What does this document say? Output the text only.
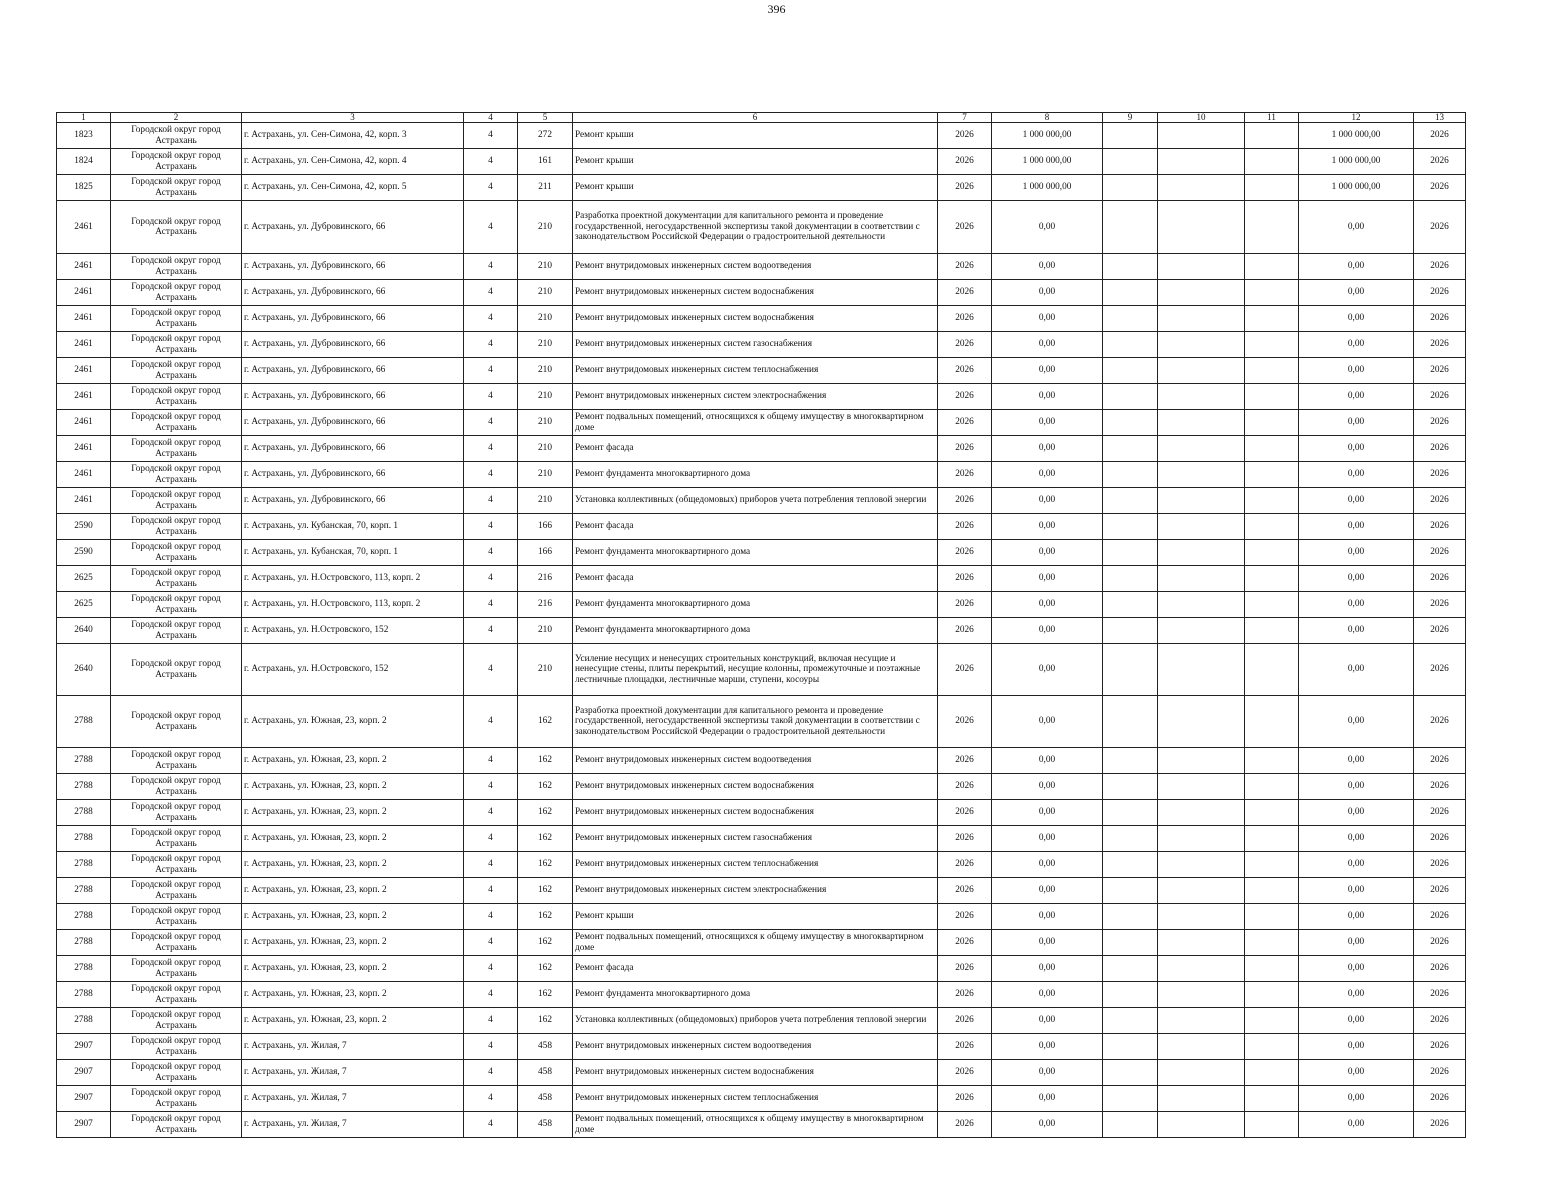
396
1	2	3	4	5	6	7	8	9	10	11	12	13
1823	Городской округ город Астрахань	г. Астрахань, ул. Сен-Симона, 42, корп. 3	4	272	Ремонт крыши	2026	1 000 000,00				1 000 000,00	2026
1824	Городской округ город Астрахань	г. Астрахань, ул. Сен-Симона, 42, корп. 4	4	161	Ремонт крыши	2026	1 000 000,00				1 000 000,00	2026
1825	Городской округ город Астрахань	г. Астрахань, ул. Сен-Симона, 42, корп. 5	4	211	Ремонт крыши	2026	1 000 000,00				1 000 000,00	2026
2461	Городской округ город Астрахань	г. Астрахань, ул. Дубровинского, 66	4	210	Разработка проектной документации для капитального ремонта и проведение государственной, негосударственной экспертизы такой документации в соответствии с законодательством Российской Федерации о градостроительной деятельности	2026	0,00				0,00	2026
2461	Городской округ город Астрахань	г. Астрахань, ул. Дубровинского, 66	4	210	Ремонт внутридомовых инженерных систем водоотведения	2026	0,00				0,00	2026
2461	Городской округ город Астрахань	г. Астрахань, ул. Дубровинского, 66	4	210	Ремонт внутридомовых инженерных систем водоснабжения	2026	0,00				0,00	2026
2461	Городской округ город Астрахань	г. Астрахань, ул. Дубровинского, 66	4	210	Ремонт внутридомовых инженерных систем водоснабжения	2026	0,00				0,00	2026
2461	Городской округ город Астрахань	г. Астрахань, ул. Дубровинского, 66	4	210	Ремонт внутридомовых инженерных систем газоснабжения	2026	0,00				0,00	2026
2461	Городской округ город Астрахань	г. Астрахань, ул. Дубровинского, 66	4	210	Ремонт внутридомовых инженерных систем теплоснабжения	2026	0,00				0,00	2026
2461	Городской округ город Астрахань	г. Астрахань, ул. Дубровинского, 66	4	210	Ремонт внутридомовых инженерных систем электроснабжения	2026	0,00				0,00	2026
2461	Городской округ город Астрахань	г. Астрахань, ул. Дубровинского, 66	4	210	Ремонт подвальных помещений, относящихся к общему имуществу в многоквартирном доме	2026	0,00				0,00	2026
2461	Городской округ город Астрахань	г. Астрахань, ул. Дубровинского, 66	4	210	Ремонт фасада	2026	0,00				0,00	2026
2461	Городской округ город Астрахань	г. Астрахань, ул. Дубровинского, 66	4	210	Ремонт фундамента многоквартирного дома	2026	0,00				0,00	2026
2461	Городской округ город Астрахань	г. Астрахань, ул. Дубровинского, 66	4	210	Установка коллективных (общедомовых) приборов учета потребления тепловой энергии	2026	0,00				0,00	2026
2590	Городской округ город Астрахань	г. Астрахань, ул. Кубанская, 70, корп. 1	4	166	Ремонт фасада	2026	0,00				0,00	2026
2590	Городской округ город Астрахань	г. Астрахань, ул. Кубанская, 70, корп. 1	4	166	Ремонт фундамента многоквартирного дома	2026	0,00				0,00	2026
2625	Городской округ город Астрахань	г. Астрахань, ул. Н.Островского, 113, корп. 2	4	216	Ремонт фасада	2026	0,00				0,00	2026
2625	Городской округ город Астрахань	г. Астрахань, ул. Н.Островского, 113, корп. 2	4	216	Ремонт фундамента многоквартирного дома	2026	0,00				0,00	2026
2640	Городской округ город Астрахань	г. Астрахань, ул. Н.Островского, 152	4	210	Ремонт фундамента многоквартирного дома	2026	0,00				0,00	2026
2640	Городской округ город Астрахань	г. Астрахань, ул. Н.Островского, 152	4	210	Усиление несущих и ненесущих строительных конструкций, включая несущие и ненесущие стены, плиты перекрытий, несущие колонны, промежуточные и поэтажные лестничные площадки, лестничные марши, ступени, косоуры	2026	0,00				0,00	2026
2788	Городской округ город Астрахань	г. Астрахань, ул. Южная, 23, корп. 2	4	162	Разработка проектной документации для капитального ремонта и проведение государственной, негосударственной экспертизы такой документации в соответствии с законодательством Российской Федерации о градостроительной деятельности	2026	0,00				0,00	2026
2788	Городской округ город Астрахань	г. Астрахань, ул. Южная, 23, корп. 2	4	162	Ремонт внутридомовых инженерных систем водоотведения	2026	0,00				0,00	2026
2788	Городской округ город Астрахань	г. Астрахань, ул. Южная, 23, корп. 2	4	162	Ремонт внутридомовых инженерных систем водоснабжения	2026	0,00				0,00	2026
2788	Городской округ город Астрахань	г. Астрахань, ул. Южная, 23, корп. 2	4	162	Ремонт внутридомовых инженерных систем водоснабжения	2026	0,00				0,00	2026
2788	Городской округ город Астрахань	г. Астрахань, ул. Южная, 23, корп. 2	4	162	Ремонт внутридомовых инженерных систем газоснабжения	2026	0,00				0,00	2026
2788	Городской округ город Астрахань	г. Астрахань, ул. Южная, 23, корп. 2	4	162	Ремонт внутридомовых инженерных систем теплоснабжения	2026	0,00				0,00	2026
2788	Городской округ город Астрахань	г. Астрахань, ул. Южная, 23, корп. 2	4	162	Ремонт внутридомовых инженерных систем электроснабжения	2026	0,00				0,00	2026
2788	Городской округ город Астрахань	г. Астрахань, ул. Южная, 23, корп. 2	4	162	Ремонт крыши	2026	0,00				0,00	2026
2788	Городской округ город Астрахань	г. Астрахань, ул. Южная, 23, корп. 2	4	162	Ремонт подвальных помещений, относящихся к общему имуществу в многоквартирном доме	2026	0,00				0,00	2026
2788	Городской округ город Астрахань	г. Астрахань, ул. Южная, 23, корп. 2	4	162	Ремонт фасада	2026	0,00				0,00	2026
2788	Городской округ город Астрахань	г. Астрахань, ул. Южная, 23, корп. 2	4	162	Ремонт фундамента многоквартирного дома	2026	0,00				0,00	2026
2788	Городской округ город Астрахань	г. Астрахань, ул. Южная, 23, корп. 2	4	162	Установка коллективных (общедомовых) приборов учета потребления тепловой энергии	2026	0,00				0,00	2026
2907	Городской округ город Астрахань	г. Астрахань, ул. Жилая, 7	4	458	Ремонт внутридомовых инженерных систем водоотведения	2026	0,00				0,00	2026
2907	Городской округ город Астрахань	г. Астрахань, ул. Жилая, 7	4	458	Ремонт внутридомовых инженерных систем водоснабжения	2026	0,00				0,00	2026
2907	Городской округ город Астрахань	г. Астрахань, ул. Жилая, 7	4	458	Ремонт внутридомовых инженерных систем теплоснабжения	2026	0,00				0,00	2026
2907	Городской округ город Астрахань	г. Астрахань, ул. Жилая, 7	4	458	Ремонт подвальных помещений, относящихся к общему имуществу в многоквартирном доме	2026	0,00				0,00	2026
